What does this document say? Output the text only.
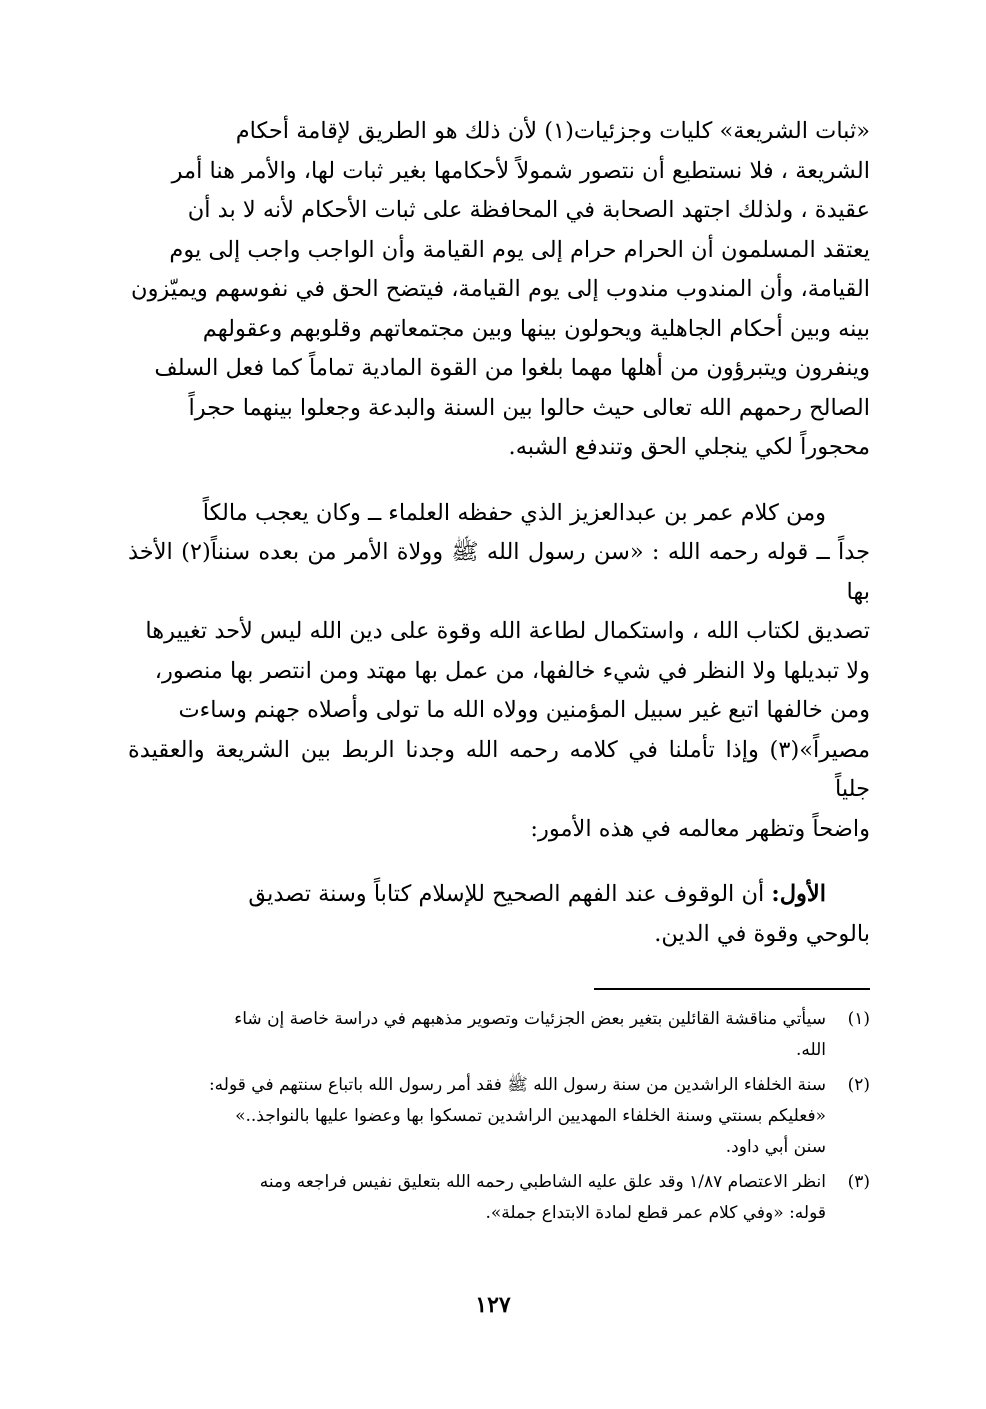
«ثبات الشريعة» كليات وجزئيات(١) لأن ذلك هو الطريق لإقامة أحكام
الشريعة ، فلا نستطيع أن نتصور شمولاً لأحكامها بغير ثبات لها، والأمر هنا أمر
عقيدة ، ولذلك اجتهد الصحابة في المحافظة على ثبات الأحكام لأنه لا بد أن
يعتقد المسلمون أن الحرام حرام إلى يوم القيامة وأن الواجب واجب إلى يوم
القيامة، وأن المندوب مندوب إلى يوم القيامة، فيتضح الحق في نفوسهم ويميّزون
بينه وبين أحكام الجاهلية ويحولون بينها وبين مجتمعاتهم وقلوبهم وعقولهم
وينفرون ويتبرؤون من أهلها مهما بلغوا من القوة المادية تماماً كما فعل السلف
الصالح رحمهم الله تعالى حيث حالوا بين السنة والبدعة وجعلوا بينهما حجراً
محجوراً لكي ينجلي الحق وتندفع الشبه.

ومن كلام عمر بن عبدالعزيز الذي حفظه العلماء ــ وكان يعجب مالكاً
جداً ــ قوله رحمه الله : «سن رسول الله ﷺ وولاة الأمر من بعده سنناً(٢) الأخذ بها
تصديق لكتاب الله ، واستكمال لطاعة الله وقوة على دين الله ليس لأحد تغييرها
ولا تبديلها ولا النظر في شيء خالفها، من عمل بها مهتد ومن انتصر بها منصور،
ومن خالفها اتبع غير سبيل المؤمنين وولاه الله ما تولى وأصلاه جهنم وساءت
مصيراً»(٣) وإذا تأملنا في كلامه رحمه الله وجدنا الربط بين الشريعة والعقيدة جلياً
واضحاً وتظهر معالمه في هذه الأمور:

الأول: أن الوقوف عند الفهم الصحيح للإسلام كتاباً وسنة تصديق
بالوحي وقوة في الدين.

(١)
سيأتي مناقشة القائلين بتغير بعض الجزئيات وتصوير مذهبهم في دراسة خاصة إن شاء
الله.
(٢)
سنة الخلفاء الراشدين من سنة رسول الله ﷺ فقد أمر رسول الله باتباع سنتهم في قوله:
«فعليكم بسنتي وسنة الخلفاء المهديين الراشدين تمسكوا بها وعضوا عليها بالنواجذ..»
سنن أبي داود.
(٣)
انظر الاعتصام ١/٨٧ وقد علق عليه الشاطبي رحمه الله بتعليق نفيس فراجعه ومنه
قوله: «وفي كلام عمر قطع لمادة الابتداع جملة».
١٢٧
